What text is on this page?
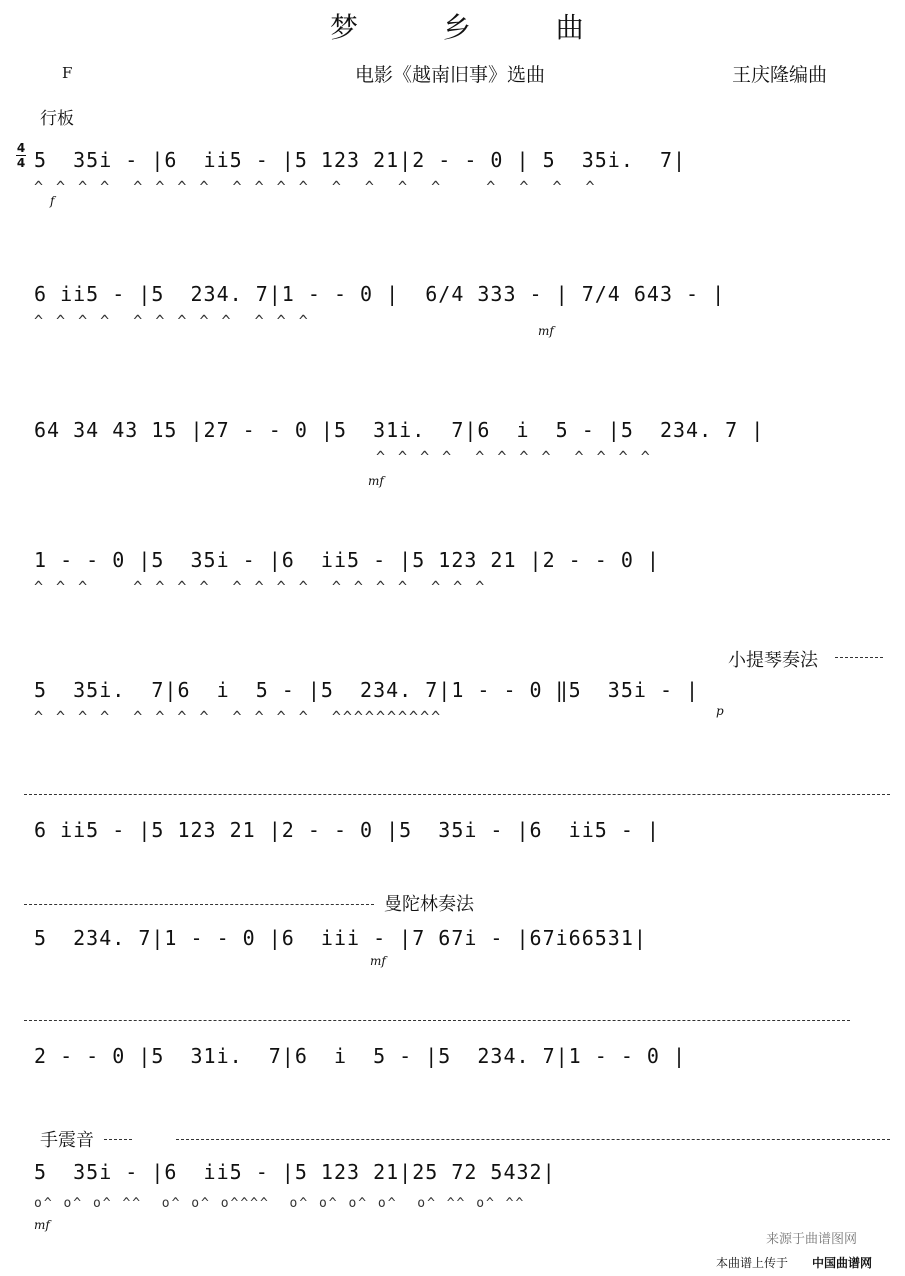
梦 乡 曲
F	电影《越南旧事》选曲	王庆隆编曲
行板
4
4 5  35i - |6  ii5 - |5 123 21|2 - - 0 | 5  35i.  7|
^ ^ ^ ^  ^ ^ ^ ^  ^ ^ ^ ^  ^  ^  ^  ^    ^  ^  ^  ^
f
6 ii5 - |5  234. 7|1 - - 0 |  6/4 333 - | 7/4 643 - |
^ ^ ^ ^  ^ ^ ^ ^ ^  ^ ^ ^
mf
64 34 43 15 |27 - - 0 |5  31i.  7|6  i  5 - |5  234. 7 |
^ ^ ^ ^  ^ ^ ^ ^  ^ ^ ^ ^
mf
1 - - 0 |5  35i - |6  ii5 - |5 123 21 |2 - - 0 |
^ ^ ^    ^ ^ ^ ^  ^ ^ ^ ^  ^ ^ ^ ^  ^ ^ ^
小提琴奏法
5  35i.  7|6  i  5 - |5  234. 7|1 - - 0 ‖5  35i - |
^ ^ ^ ^  ^ ^ ^ ^  ^ ^ ^ ^  ^^^^^^^^^^	p
6 ii5 - |5 123 21 |2 - - 0 |5  35i - |6  ii5 - |
曼陀林奏法
5  234. 7|1 - - 0 |6  iii - |7 67i - |67i66531|
mf
2 - - 0 |5  31i.  7|6  i  5 - |5  234. 7|1 - - 0 |
手震音
5  35i - |6  ii5 - |5 123 21|25 72 5432|
o^ o^ o^ ^^  o^ o^ o^^^^  o^ o^ o^ o^  o^ ^^ o^ ^^
mf
本曲谱上传于 中国曲谱网
来源于曲谱图网
